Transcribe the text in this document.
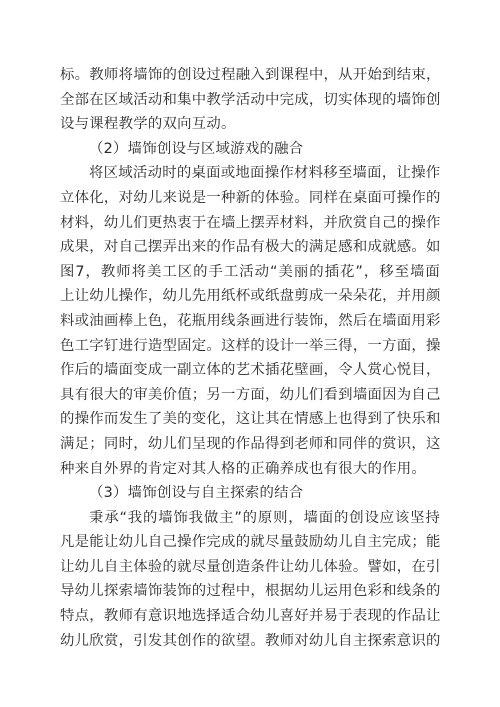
标。教师将墙饰的创设过程融入到课程中，从开始到结束，
全部在区域活动和集中教学活动中完成，切实体现的墙饰创
设与课程教学的双向互动。
（2）墙饰创设与区域游戏的融合
将区域活动时的桌面或地面操作材料移至墙面，让操作
立体化，对幼儿来说是一种新的体验。同样在桌面可操作的
材料，幼儿们更热衷于在墙上摆弄材料，并欣赏自己的操作
成果，对自己摆弄出来的作品有极大的满足感和成就感。如
图7，教师将美工区的手工活动“美丽的插花”，移至墙面
上让幼儿操作，幼儿先用纸杯或纸盘剪成一朵朵花，并用颜
料或油画棒上色，花瓶用线条画进行装饰，然后在墙面用彩
色工字钉进行造型固定。这样的设计一举三得，一方面，操
作后的墙面变成一副立体的艺术插花壁画，令人赏心悦目，
具有很大的审美价值；另一方面，幼儿们看到墙面因为自己
的操作而发生了美的变化，这让其在情感上也得到了快乐和
满足；同时，幼儿们呈现的作品得到老师和同伴的赏识，这
种来自外界的肯定对其人格的正确养成也有很大的作用。
（3）墙饰创设与自主探索的结合
秉承“我的墙饰我做主”的原则，墙面的创设应该坚持
凡是能让幼儿自己操作完成的就尽量鼓励幼儿自主完成；能
让幼儿自主体验的就尽量创造条件让幼儿体验。譬如，在引
导幼儿探索墙饰装饰的过程中，根据幼儿运用色彩和线条的
特点，教师有意识地选择适合幼儿喜好并易于表现的作品让
幼儿欣赏，引发其创作的欲望。教师对幼儿自主探索意识的
